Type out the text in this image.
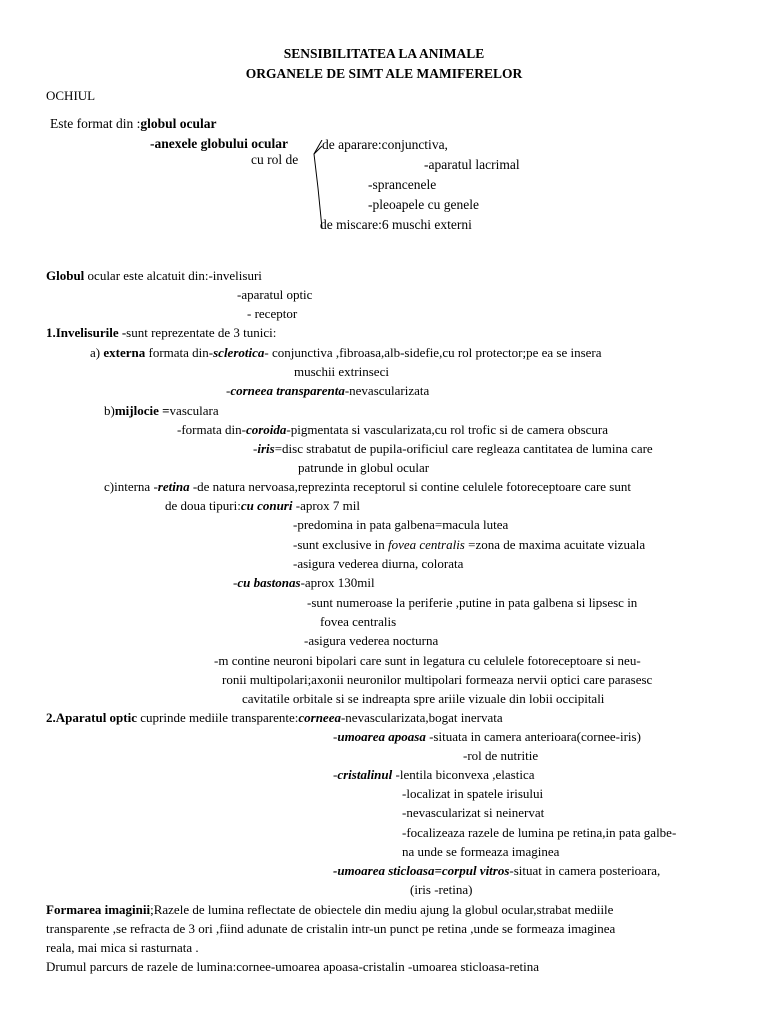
SENSIBILITATEA LA ANIMALE
ORGANELE DE SIMT ALE MAMIFERELOR
OCHIUL
Este format din :globul ocular
-anexele globului ocular
cu rol de
de aparare:conjunctiva,
-aparatul lacrimal
-sprancenele
-pleoapele cu genele
de miscare:6 muschi externi
Globul ocular este alcatuit din:-invelisuri
-aparatul optic
- receptor
1.Invelisurile -sunt reprezentate de 3 tunici:
a) externa formata din-sclerotica- conjunctiva ,fibroasa,alb-sidefie,cu rol protector;pe ea se insera
muschii extrinseci
-corneea transparenta-nevascularizata
b)mijlocie =vasculara
-formata din-coroida-pigmentata si vascularizata,cu rol trofic si de camera obscura
-iris=disc strabatut de pupila-orificiul care regleaza cantitatea de lumina care
patrunde in globul ocular
c)interna -retina -de natura nervoasa,reprezinta receptorul si contine celulele fotoreceptoare care sunt
de doua tipuri:cu conuri -aprox 7 mil
-predomina in pata galbena=macula lutea
-sunt exclusive in fovea centralis =zona de maxima acuitate vizuala
-asigura vederea diurna, colorata
-cu bastonas-aprox 130mil
-sunt numeroase la periferie ,putine in pata galbena si lipsesc in
fovea centralis
-asigura vederea nocturna
-m contine neuroni bipolari care sunt in legatura cu celulele fotoreceptoare si neu-
ronii multipolari;axonii neuronilor multipolari formeaza nervii optici care parasesc
cavitatile orbitale si se indreapta spre ariile vizuale din lobii occipitali
2.Aparatul optic cuprinde mediile transparente:corneea-nevascularizata,bogat inervata
-umoarea apoasa -situata in camera anterioara(cornee-iris)
-rol de nutritie
-cristalinul -lentila biconvexa ,elastica
-localizat in spatele irisului
-nevascularizat si neinervat
-focalizeaza razele de lumina pe retina,in pata galbe-
na unde se formeaza imaginea
-umoarea sticloasa=corpul vitros-situat in camera posterioara,
(iris -retina)
Formarea imaginii;Razele de lumina reflectate de obiectele din mediu ajung la globul ocular,strabat mediile
transparente ,se refracta de 3 ori ,fiind adunate de cristalin intr-un punct pe retina ,unde se formeaza imaginea
reala, mai mica si rasturnata .
Drumul parcurs de razele de lumina:cornee-umoarea apoasa-cristalin -umoarea sticloasa-retina
